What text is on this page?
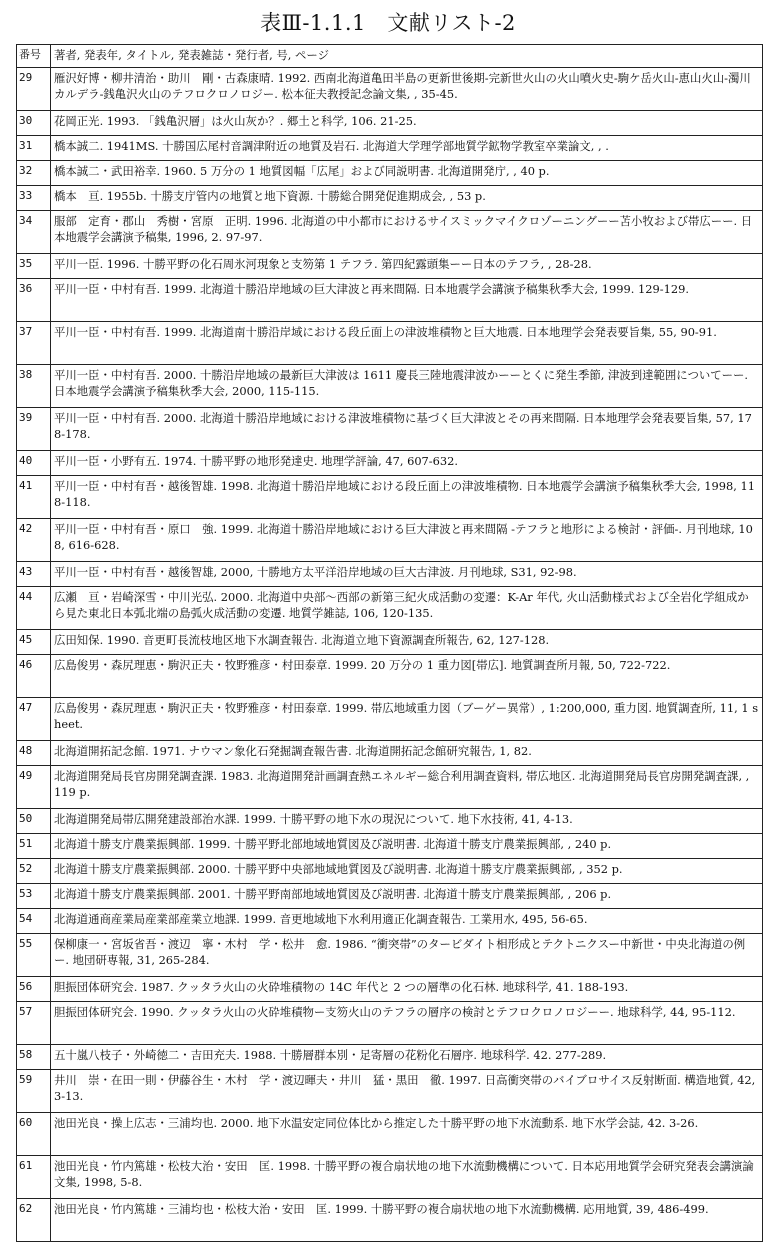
表Ⅲ-1.1.1　文献リスト-2
番号	著者, 発表年, タイトル, 発表雑誌・発行者, 号, ページ
29	雁沢好博・柳井清治・助川　剛・古森康晴. 1992. 西南北海道亀田半島の更新世後期-完新世火山の火山噴火史-駒ケ岳火山-恵山火山-濁川カルデラ-銭亀沢火山のテフロクロノロジー. 松本征夫教授記念論文集, , 35-45.
30	花岡正光. 1993. 「銭亀沢層」は火山灰か？. 郷土と科学, 106. 21-25.
31	橋本誠二. 1941MS. 十勝国広尾村音調津附近の地質及岩石. 北海道大学理学部地質学鉱物学教室卒業論文, , .
32	橋本誠二・武田裕幸. 1960. 5 万分の 1 地質図幅「広尾」および同説明書. 北海道開発庁, , 40 p.
33	橋本　亘. 1955b. 十勝支庁管内の地質と地下資源. 十勝総合開発促進期成会, , 53 p.
34	服部　定育・郡山　秀樹・宮原　正明. 1996. 北海道の中小都市におけるサイスミックマイクロゾーニングーー苫小牧および帯広ーー. 日本地震学会講演予稿集, 1996, 2. 97-97.
35	平川一臣. 1996. 十勝平野の化石周氷河現象と支笏第 1 テフラ. 第四紀露頭集ーー日本のテフラ, , 28-28.
36	平川一臣・中村有吾. 1999. 北海道十勝沿岸地域の巨大津波と再来間隔. 日本地震学会講演予稿集秋季大会, 1999. 129-129.
37	平川一臣・中村有吾. 1999. 北海道南十勝沿岸域における段丘面上の津波堆積物と巨大地震. 日本地理学会発表要旨集, 55, 90-91.
38	平川一臣・中村有吾. 2000. 十勝沿岸地域の最新巨大津波は 1611 慶長三陸地震津波かーーとくに発生季節, 津波到達範囲についてーー. 日本地震学会講演予稿集秋季大会, 2000, 115-115.
39	平川一臣・中村有吾. 2000. 北海道十勝沿岸地域における津波堆積物に基づく巨大津波とその再来間隔. 日本地理学会発表要旨集, 57, 178-178.
40	平川一臣・小野有五. 1974. 十勝平野の地形発達史. 地理学評論, 47, 607-632.
41	平川一臣・中村有吾・越後智雄. 1998. 北海道十勝沿岸地域における段丘面上の津波堆積物. 日本地震学会講演予稿集秋季大会, 1998, 118-118.
42	平川一臣・中村有吾・原口　強. 1999. 北海道十勝沿岸地域における巨大津波と再来間隔 -テフラと地形による検討・評価-. 月刊地球, 108, 616-628.
43	平川一臣・中村有吾・越後智雄, 2000, 十勝地方太平洋沿岸地域の巨大古津波. 月刊地球, S31, 92-98.
44	広瀬　亘・岩崎深雪・中川光弘. 2000. 北海道中央部〜西部の新第三紀火成活動の変遷：K-Ar 年代, 火山活動様式および全岩化学組成から見た東北日本弧北端の島弧火成活動の変遷. 地質学雑誌, 106, 120-135.
45	広田知保. 1990. 音更町長流枝地区地下水調査報告. 北海道立地下資源調査所報告, 62, 127-128.
46	広島俊男・森尻理恵・駒沢正夫・牧野雅彦・村田泰章. 1999. 20 万分の 1 重力図[帯広]. 地質調査所月報, 50, 722-722.
47	広島俊男・森尻理恵・駒沢正夫・牧野雅彦・村田泰章. 1999. 帯広地域重力図（ブーゲー異常）, 1:200,000, 重力図. 地質調査所, 11, 1 sheet.
48	北海道開拓記念館. 1971. ナウマン象化石発掘調査報告書. 北海道開拓記念館研究報告, 1, 82.
49	北海道開発局長官房開発調査課. 1983. 北海道開発計画調査熱エネルギー総合利用調査資料, 帯広地区. 北海道開発局長官房開発調査課, , 119 p.
50	北海道開発局帯広開発建設部治水課. 1999. 十勝平野の地下水の現況について. 地下水技術, 41, 4-13.
51	北海道十勝支庁農業振興部. 1999. 十勝平野北部地域地質図及び説明書. 北海道十勝支庁農業振興部, , 240 p.
52	北海道十勝支庁農業振興部. 2000. 十勝平野中央部地域地質図及び説明書. 北海道十勝支庁農業振興部, , 352 p.
53	北海道十勝支庁農業振興部. 2001. 十勝平野南部地域地質図及び説明書. 北海道十勝支庁農業振興部, , 206 p.
54	北海道通商産業局産業部産業立地課. 1999. 音更地域地下水利用適正化調査報告. 工業用水, 495, 56-65.
55	保柳康一・宮坂省吾・渡辺　寧・木村　学・松井　愈. 1986. “衝突帯”のタービダイト相形成とテクトニクスー中新世・中央北海道の例ー. 地団研専報, 31, 265-284.
56	胆振団体研究会. 1987. クッタラ火山の火砕堆積物の 14C 年代と 2 つの層準の化石林. 地球科学, 41. 188-193.
57	胆振団体研究会. 1990. クッタラ火山の火砕堆積物ー支笏火山のテフラの層序の検討とテフロクロノロジーー. 地球科学, 44, 95-112.
58	五十嵐八枝子・外崎徳二・吉田充夫. 1988. 十勝層群本別・足寄層の花粉化石層序. 地球科学. 42. 277-289.
59	井川　崇・在田一則・伊藤谷生・木村　学・渡辺暉夫・井川　猛・黒田　徹. 1997. 日高衝突帯のバイブロサイス反射断面. 構造地質, 42, 3-13.
60	池田光良・操上広志・三浦均也. 2000. 地下水温安定同位体比から推定した十勝平野の地下水流動系. 地下水学会誌, 42. 3-26.
61	池田光良・竹内篤雄・松枝大治・安田　匡. 1998. 十勝平野の複合扇状地の地下水流動機構について. 日本応用地質学会研究発表会講演論文集, 1998, 5-8.
62	池田光良・竹内篤雄・三浦均也・松枝大治・安田　匡. 1999. 十勝平野の複合扇状地の地下水流動機構. 応用地質, 39, 486-499.
